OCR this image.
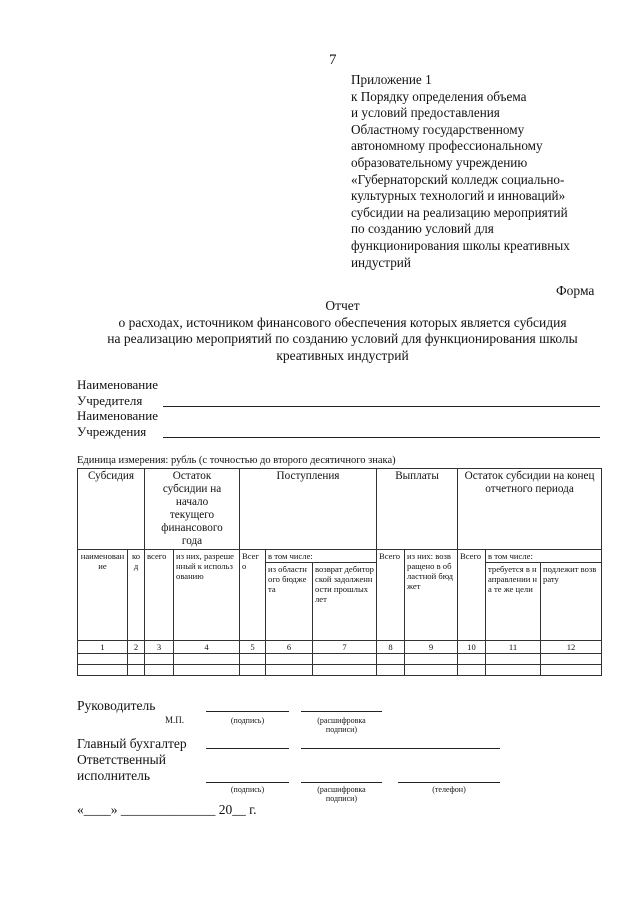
7
Приложение 1
к Порядку определения объема
и условий предоставления
Областному государственному
автономному профессиональному
образовательному учреждению
«Губернаторский колледж социально-
культурных технологий и инноваций»
субсидии на реализацию мероприятий
по созданию условий для
функционирования школы креативных
индустрий
Форма
Отчет
о расходах, источником финансового обеспечения которых является субсидия
на реализацию мероприятий по созданию условий для функционирования школы
креативных индустрий
Наименование
Учредителя
Наименование
Учреждения
Единица измерения: рубль (с точностью до второго десятичного знака)
Субсидия		Остаток субсидии на начало текущего финансового года		Поступления			Выплаты		Остаток субсидии на конец отчетного периода		
наименование	код	всего	из них, разрешенный к использованию	Всего	в том числе:		Всего	из них: возвращено в областной бюджет	Всего	в том числе:	
					из областного бюджета	возврат дебиторской задолженности прошлых лет				требуется в направлении на те же цели	подлежит возврату
1	2	3	4	5	6	7	8	9	10	11	12

Руководитель
М.П.	(подпись)	(расшифровка подписи)
Главный бухгалтер
Ответственный
исполнитель
(подпись)	(расшифровка подписи)
(телефон)
«____» ______________ 20__ г.
